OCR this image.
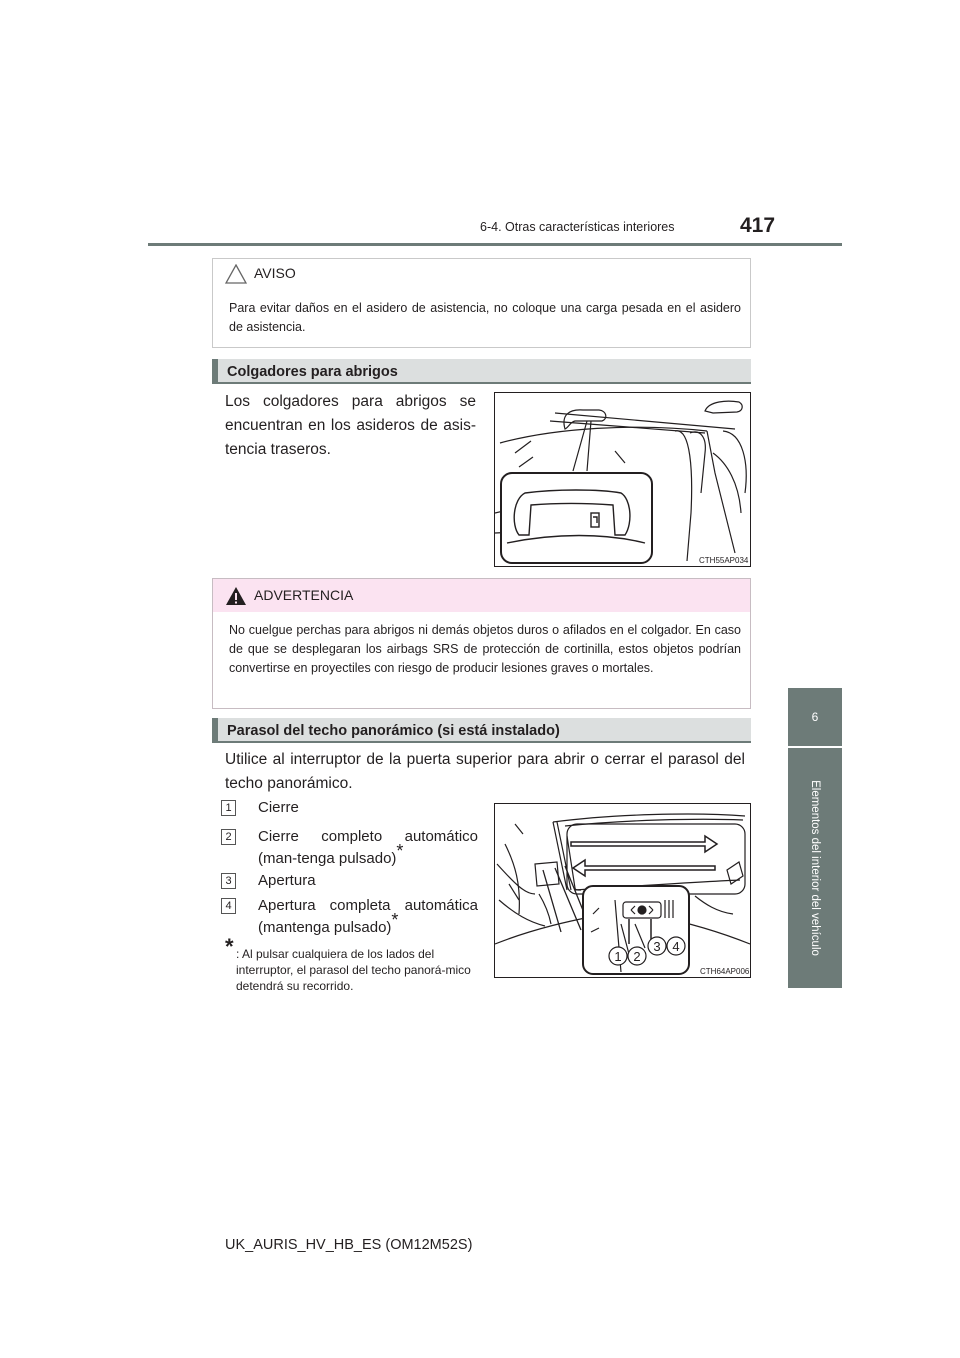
6-4. Otras características interiores	417
6
Elementos del interior del vehículo
AVISO
Para evitar daños en el asidero de asistencia, no coloque una carga pesada en el asidero de asistencia.
Colgadores para abrigos
Los colgadores para abrigos se encuentran en los asideros de asis-tencia traseros.
CTH55AP034
ADVERTENCIA
No cuelgue perchas para abrigos ni demás objetos duros o afilados en el colgador. En caso de que se desplegaran los airbags SRS de protección de cortinilla, estos objetos podrían convertirse en proyectiles con riesgo de producir lesiones graves o mortales.
Parasol del techo panorámico (si está instalado)
Utilice al interruptor de la puerta superior para abrir o cerrar el parasol del techo panorámico.
1 Cierre
2 Cierre completo automático (man-tenga pulsado)*
3 Apertura
4 Apertura completa automática (mantenga pulsado)*
* : Al pulsar cualquiera de los lados del interruptor, el parasol del techo panorá-mico detendrá su recorrido.
1 2
3 4
CTH64AP006
UK_AURIS_HV_HB_ES (OM12M52S)
